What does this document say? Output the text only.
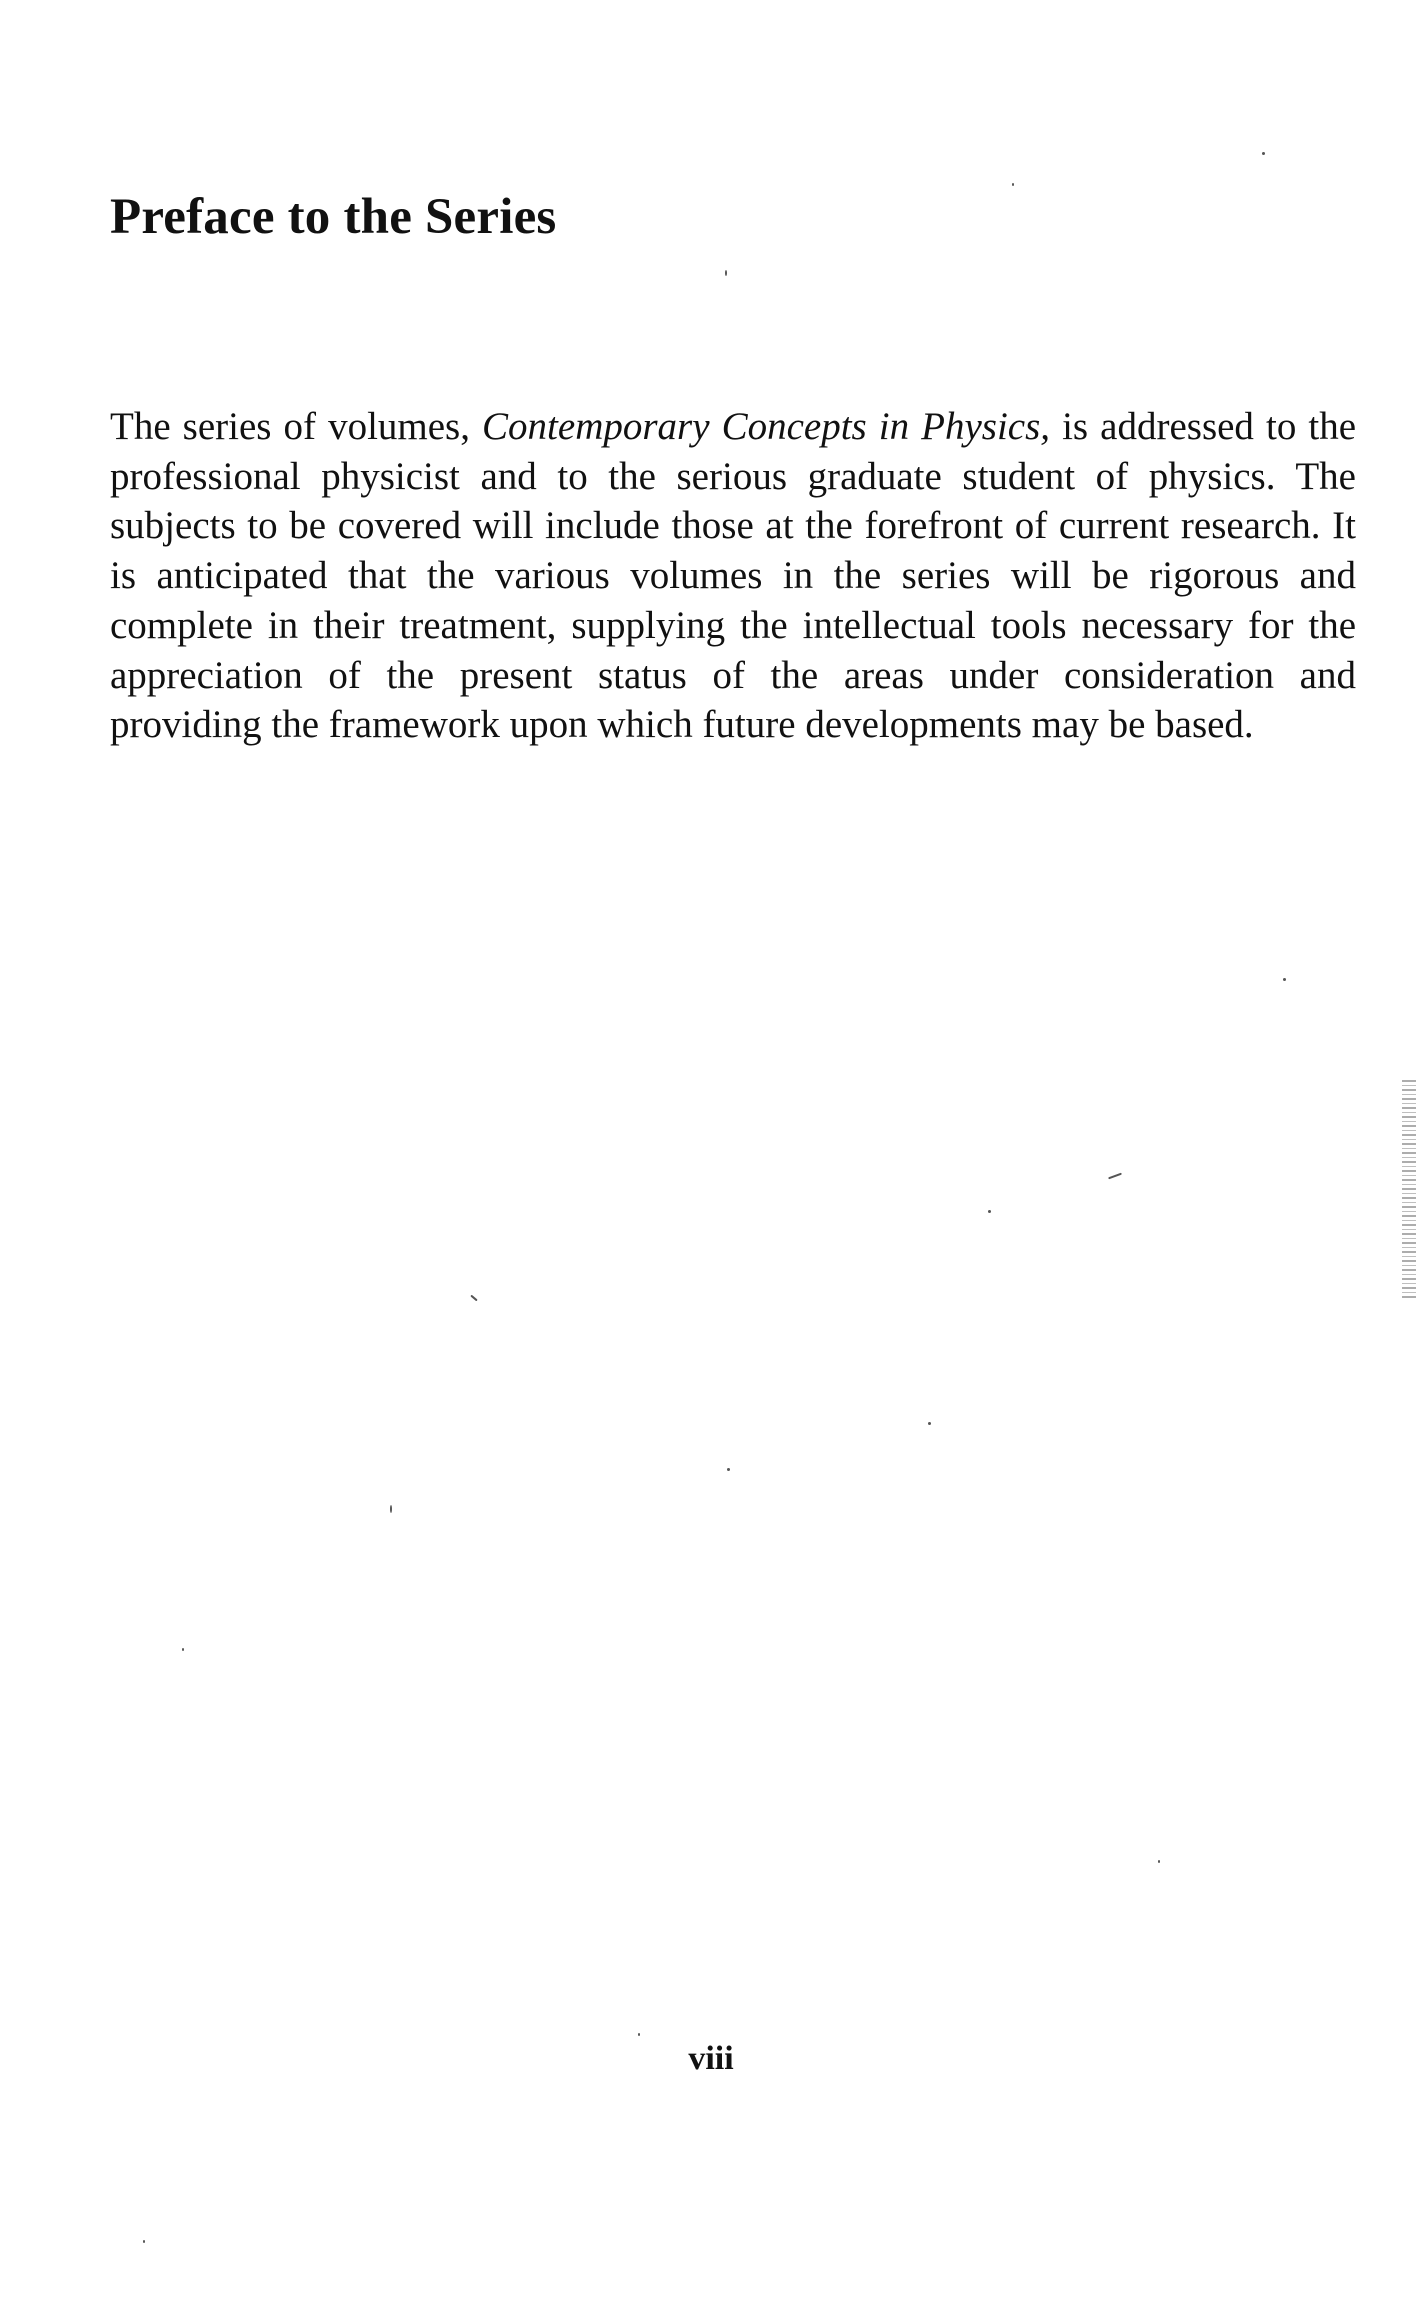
Preface to the Series

The series of volumes, Contemporary Concepts in Physics, is addressed to the professional physicist and to the serious graduate student of physics. The subjects to be covered will include those at the forefront of current research. It is anticipated that the various volumes in the series will be rigorous and complete in their treatment, supplying the intellectual tools necessary for the appreciation of the present status of the areas under consideration and providing the framework upon which future developments may be based.

viii
